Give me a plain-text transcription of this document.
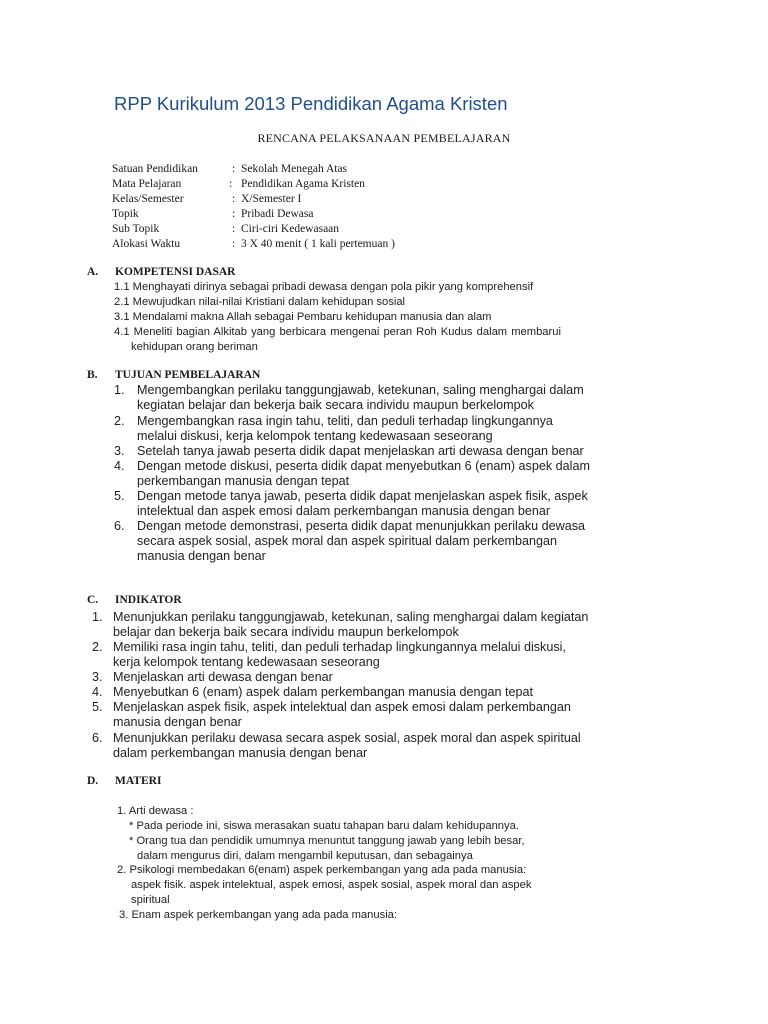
RPP Kurikulum 2013 Pendidikan Agama Kristen
RENCANA PELAKSANAAN PEMBELAJARAN
Satuan Pendidikan	: Sekolah Menegah Atas
Mata Pelajaran	: Pendidikan Agama Kristen
Kelas/Semester	: X/Semester I
Topik	: Pribadi Dewasa
Sub Topik	: Ciri-ciri Kedewasaan
Alokasi Waktu	: 3 X 40 menit ( 1 kali pertemuan )
A. KOMPETENSI DASAR
1.1 Menghayati dirinya sebagai pribadi dewasa dengan pola pikir yang komprehensif
2.1 Mewujudkan nilai-nilai Kristiani dalam kehidupan sosial
3.1 Mendalami makna Allah sebagai Pembaru kehidupan manusia dan alam
4.1 Meneliti bagian Alkitab yang berbicara mengenai peran Roh Kudus dalam membarui
kehidupan orang beriman
B. TUJUAN PEMBELAJARAN
1. Mengembangkan perilaku tanggungjawab, ketekunan, saling menghargai dalam
kegiatan belajar dan bekerja baik secara individu maupun berkelompok
2. Mengembangkan rasa ingin tahu, teliti, dan peduli terhadap lingkungannya
melalui diskusi, kerja kelompok tentang kedewasaan seseorang
3. Setelah tanya jawab peserta didik dapat menjelaskan arti dewasa dengan benar
4. Dengan metode diskusi, peserta didik dapat menyebutkan 6 (enam) aspek dalam
perkembangan manusia dengan tepat
5. Dengan metode tanya jawab, peserta didik dapat menjelaskan aspek fisik, aspek
intelektual dan aspek emosi dalam perkembangan manusia dengan benar
6. Dengan metode demonstrasi, peserta didik dapat menunjukkan perilaku dewasa
secara aspek sosial, aspek moral dan aspek spiritual dalam perkembangan
manusia dengan benar
C. INDIKATOR
1. Menunjukkan perilaku tanggungjawab, ketekunan, saling menghargai dalam kegiatan
belajar dan bekerja baik secara individu maupun berkelompok
2. Memiliki rasa ingin tahu, teliti, dan peduli terhadap lingkungannya melalui diskusi,
kerja kelompok tentang kedewasaan seseorang
3. Menjelaskan arti dewasa dengan benar
4. Menyebutkan 6 (enam) aspek dalam perkembangan manusia dengan tepat
5. Menjelaskan aspek fisik, aspek intelektual dan aspek emosi dalam perkembangan
manusia dengan benar
6. Menunjukkan perilaku dewasa secara aspek sosial, aspek moral dan aspek spiritual
dalam perkembangan manusia dengan benar
D. MATERI
1. Arti dewasa :
* Pada periode ini, siswa merasakan suatu tahapan baru dalam kehidupannya.
* Orang tua dan pendidik umumnya menuntut tanggung jawab yang lebih besar,
dalam mengurus diri, dalam mengambil keputusan, dan sebagainya
2. Psikologi membedakan 6(enam) aspek perkembangan yang ada pada manusia:
aspek fisik. aspek intelektual, aspek emosi, aspek sosial, aspek moral dan aspek
spiritual
3. Enam aspek perkembangan yang ada pada manusia:
